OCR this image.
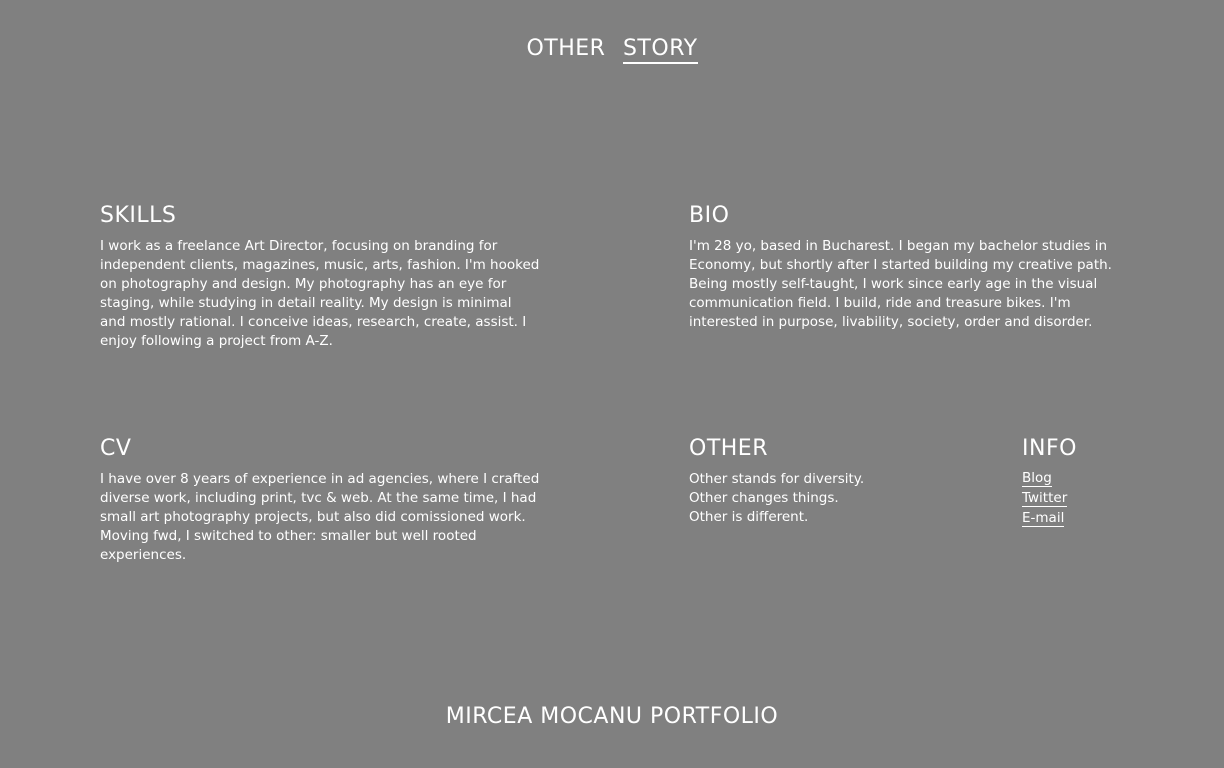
OTHER STORY
SKILLS

I work as a freelance Art Director, focusing on branding for independent clients, magazines, music, arts, fashion. I'm hooked on photography and design. My photography has an eye for staging, while studying in detail reality. My design is minimal and mostly rational. I conceive ideas, research, create, assist. I enjoy following a project from A-Z.

BIO

I'm 28 yo, based in Bucharest. I began my bachelor studies in Economy, but shortly after I started building my creative path. Being mostly self-taught, I work since early age in the visual communication field. I build, ride and treasure bikes. I'm interested in purpose, livability, society, order and disorder.

CV

I have over 8 years of experience in ad agencies, where I crafted diverse work, including print, tvc & web. At the same time, I had small art photography projects, but also did comissioned work. Moving fwd, I switched to other: smaller but well rooted experiences.

OTHER

Other stands for diversity.

Other changes things.

Other is different.

INFO
Blog
Twitter
E-mail
MIRCEA MOCANU PORTFOLIO
